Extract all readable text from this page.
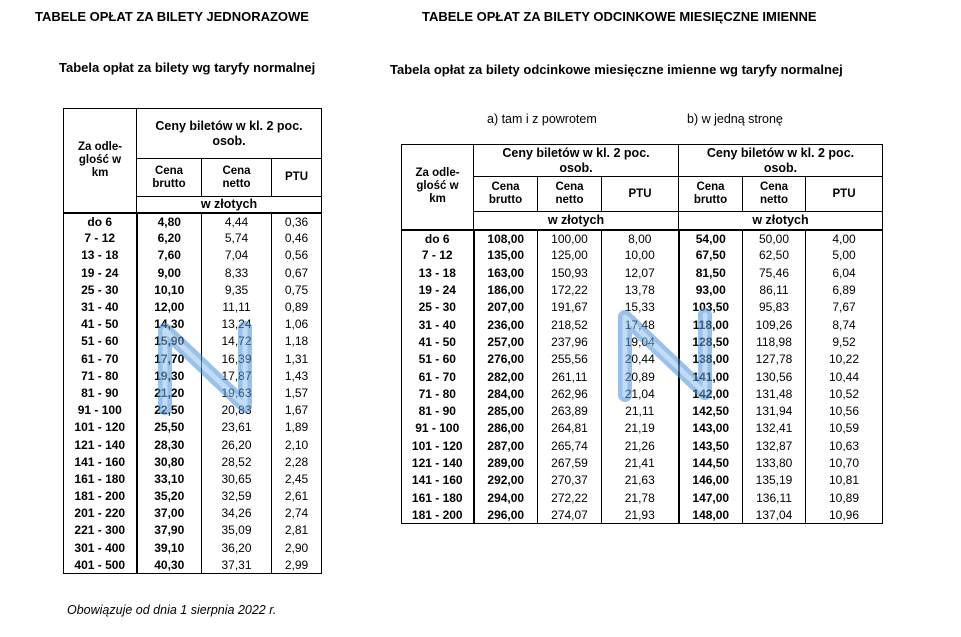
TABELE OPŁAT ZA BILETY JEDNORAZOWE
Tabela opłat za bilety wg taryfy normalnej
Za odle-
glość w
km	Ceny biletów w kl. 2 poc.
osob.		
	Cena
brutto	Cena
netto	PTU
	w złotych		
do 6	4,80	4,44	0,36
7 - 12	6,20	5,74	0,46
13 - 18	7,60	7,04	0,56
19 - 24	9,00	8,33	0,67
25 - 30	10,10	9,35	0,75
31 - 40	12,00	11,11	0,89
41 - 50	14,30	13,24	1,06
51 - 60	15,90	14,72	1,18
61 - 70	17,70	16,39	1,31
71 - 80	19,30	17,87	1,43
81 - 90	21,20	19,63	1,57
91 - 100	22,50	20,83	1,67
101 - 120	25,50	23,61	1,89
121 - 140	28,30	26,20	2,10
141 - 160	30,80	28,52	2,28
161 - 180	33,10	30,65	2,45
181 - 200	35,20	32,59	2,61
201 - 220	37,00	34,26	2,74
221 - 300	37,90	35,09	2,81
301 - 400	39,10	36,20	2,90
401 - 500	40,30	37,31	2,99
Obowiązuje od dnia 1 sierpnia 2022 r.
TABELE OPŁAT ZA BILETY ODCINKOWE MIESIĘCZNE IMIENNE
Tabela opłat za bilety odcinkowe miesięczne imienne wg taryfy normalnej
a) tam i z powrotem	b) w jedną stronę
Za odle-
glość w
km	Ceny biletów w kl. 2 poc.
osob.			Ceny biletów w kl. 2 poc.
osob.		
	Cena
brutto	Cena
netto	PTU	Cena
brutto	Cena
netto	PTU
	w złotych			w złotych		
do 6	108,00	100,00	8,00	54,00	50,00	4,00
7 - 12	135,00	125,00	10,00	67,50	62,50	5,00
13 - 18	163,00	150,93	12,07	81,50	75,46	6,04
19 - 24	186,00	172,22	13,78	93,00	86,11	6,89
25 - 30	207,00	191,67	15,33	103,50	95,83	7,67
31 - 40	236,00	218,52	17,48	118,00	109,26	8,74
41 - 50	257,00	237,96	19,04	128,50	118,98	9,52
51 - 60	276,00	255,56	20,44	138,00	127,78	10,22
61 - 70	282,00	261,11	20,89	141,00	130,56	10,44
71 - 80	284,00	262,96	21,04	142,00	131,48	10,52
81 - 90	285,00	263,89	21,11	142,50	131,94	10,56
91 - 100	286,00	264,81	21,19	143,00	132,41	10,59
101 - 120	287,00	265,74	21,26	143,50	132,87	10,63
121 - 140	289,00	267,59	21,41	144,50	133,80	10,70
141 - 160	292,00	270,37	21,63	146,00	135,19	10,81
161 - 180	294,00	272,22	21,78	147,00	136,11	10,89
181 - 200	296,00	274,07	21,93	148,00	137,04	10,96
